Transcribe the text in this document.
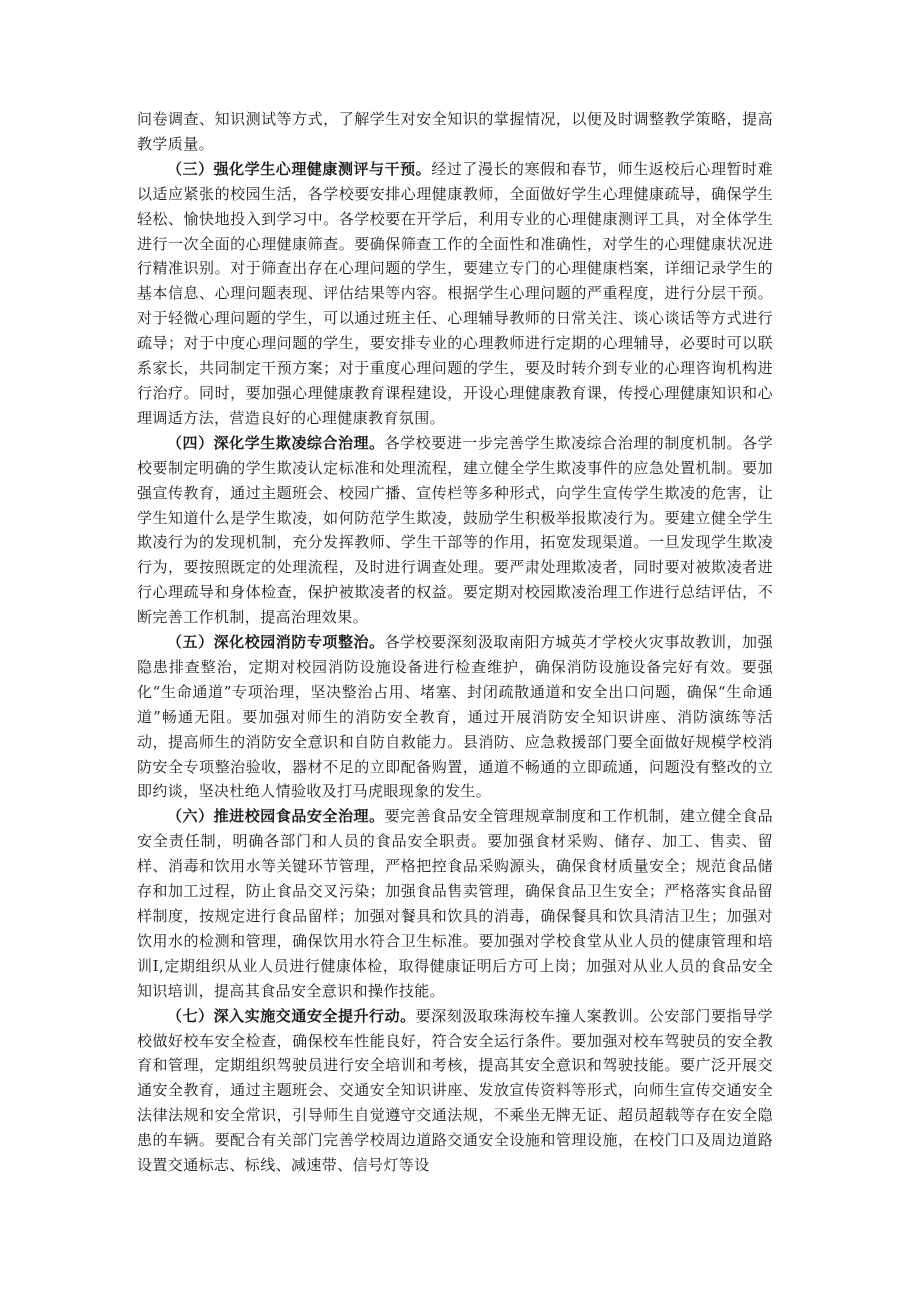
问卷调查、知识测试等方式，了解学生对安全知识的掌握情况，以便及时调整教学策略，提高教学质量。

（三）强化学生心理健康测评与干预。经过了漫长的寒假和春节，师生返校后心理暂时难以适应紧张的校园生活，各学校要安排心理健康教师，全面做好学生心理健康疏导，确保学生轻松、愉快地投入到学习中。各学校要在开学后，利用专业的心理健康测评工具，对全体学生进行一次全面的心理健康筛查。要确保筛查工作的全面性和准确性，对学生的心理健康状况进行精准识别。对于筛查出存在心理问题的学生，要建立专门的心理健康档案，详细记录学生的基本信息、心理问题表现、评估结果等内容。根据学生心理问题的严重程度，进行分层干预。对于轻微心理问题的学生，可以通过班主任、心理辅导教师的日常关注、谈心谈话等方式进行疏导；对于中度心理问题的学生，要安排专业的心理教师进行定期的心理辅导，必要时可以联系家长，共同制定干预方案；对于重度心理问题的学生，要及时转介到专业的心理咨询机构进行治疗。同时，要加强心理健康教育课程建设，开设心理健康教育课，传授心理健康知识和心理调适方法，营造良好的心理健康教育氛围。

（四）深化学生欺凌综合治理。各学校要进一步完善学生欺凌综合治理的制度机制。各学校要制定明确的学生欺凌认定标准和处理流程，建立健全学生欺凌事件的应急处置机制。要加强宣传教育，通过主题班会、校园广播、宣传栏等多种形式，向学生宣传学生欺凌的危害，让学生知道什么是学生欺凌，如何防范学生欺凌，鼓励学生积极举报欺凌行为。要建立健全学生欺凌行为的发现机制，充分发挥教师、学生干部等的作用，拓宽发现渠道。一旦发现学生欺凌行为，要按照既定的处理流程，及时进行调查处理。要严肃处理欺凌者，同时要对被欺凌者进行心理疏导和身体检查，保护被欺凌者的权益。要定期对校园欺凌治理工作进行总结评估，不断完善工作机制，提高治理效果。

（五）深化校园消防专项整治。各学校要深刻汲取南阳方城英才学校火灾事故教训，加强隐患排查整治，定期对校园消防设施设备进行检查维护，确保消防设施设备完好有效。要强化“生命通道”专项治理，坚决整治占用、堵塞、封闭疏散通道和安全出口问题，确保“生命通道”畅通无阻。要加强对师生的消防安全教育，通过开展消防安全知识讲座、消防演练等活动，提高师生的消防安全意识和自防自救能力。县消防、应急救援部门要全面做好规模学校消防安全专项整治验收，器材不足的立即配备购置，通道不畅通的立即疏通，问题没有整改的立即约谈，坚决杜绝人情验收及打马虎眼现象的发生。

（六）推进校园食品安全治理。要完善食品安全管理规章制度和工作机制，建立健全食品安全责任制，明确各部门和人员的食品安全职责。要加强食材采购、储存、加工、售卖、留样、消毒和饮用水等关键环节管理，严格把控食品采购源头，确保食材质量安全；规范食品储存和加工过程，防止食品交叉污染；加强食品售卖管理，确保食品卫生安全；严格落实食品留样制度，按规定进行食品留样；加强对餐具和饮具的消毒，确保餐具和饮具清洁卫生；加强对饮用水的检测和管理，确保饮用水符合卫生标准。要加强对学校食堂从业人员的健康管理和培训I,定期组织从业人员进行健康体检，取得健康证明后方可上岗；加强对从业人员的食品安全知识培训，提高其食品安全意识和操作技能。

（七）深入实施交通安全提升行动。要深刻汲取珠海校车撞人案教训。公安部门要指导学校做好校车安全检查，确保校车性能良好，符合安全运行条件。要加强对校车驾驶员的安全教育和管理，定期组织驾驶员进行安全培训和考核，提高其安全意识和驾驶技能。要广泛开展交通安全教育，通过主题班会、交通安全知识讲座、发放宣传资料等形式，向师生宣传交通安全法律法规和安全常识，引导师生自觉遵守交通法规，不乘坐无牌无证、超员超载等存在安全隐患的车辆。要配合有关部门完善学校周边道路交通安全设施和管理设施，在校门口及周边道路设置交通标志、标线、减速带、信号灯等设
